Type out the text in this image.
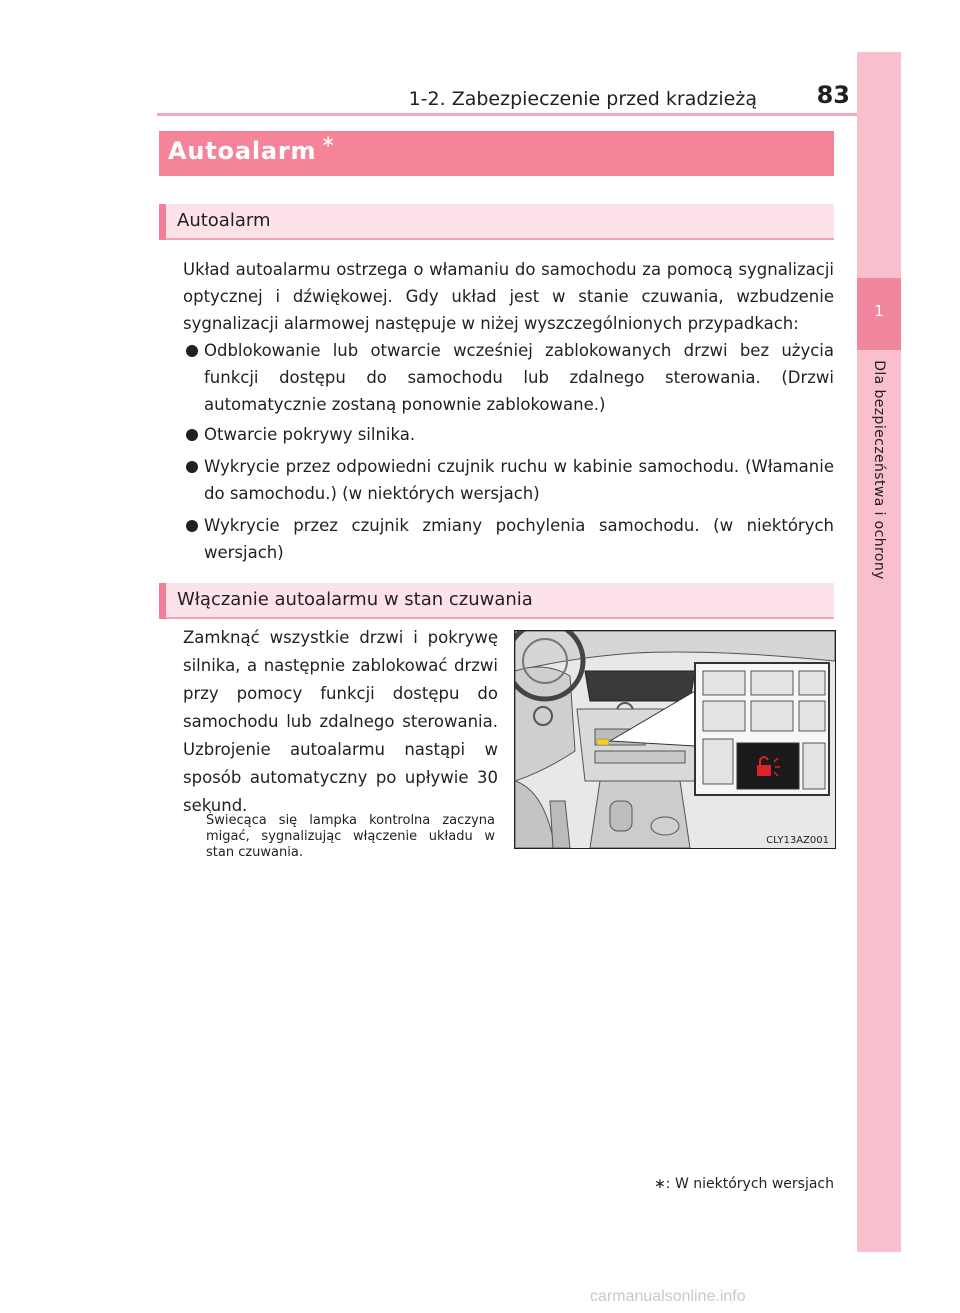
1
Dla bezpieczeństwa i ochrony
1-2. Zabezpieczenie przed kradzieżą	83
Autoalarm ∗
Autoalarm
Układ autoalarmu ostrzega o włamaniu do samochodu za pomocą sygnalizacji optycznej i dźwiękowej. Gdy układ jest w stanie czuwania, wzbudzenie sygnalizacji alarmowej następuje w niżej wyszczególnionych przypadkach:
Odblokowanie lub otwarcie wcześniej zablokowanych drzwi bez użycia funkcji dostępu do samochodu lub zdalnego sterowania. (Drzwi automatycznie zostaną ponownie zablokowane.)
Otwarcie pokrywy silnika.
Wykrycie przez odpowiedni czujnik ruchu w kabinie samochodu. (Włamanie do samochodu.) (w niektórych wersjach)
Wykrycie przez czujnik zmiany pochylenia samochodu. (w niektórych wersjach)
Włączanie autoalarmu w stan czuwania
Zamknąć wszystkie drzwi i pokrywę silnika, a następnie zablokować drzwi przy pomocy funkcji dostępu do samochodu lub zdalnego sterowania. Uzbrojenie autoalarmu nastąpi w sposób automatyczny po upływie 30 sekund.
Świecąca się lampka kontrolna zaczyna migać, sygnalizując włączenie układu w stan czuwania.
CLY13AZ001
∗: W niektórych wersjach
carmanualsonline.info
